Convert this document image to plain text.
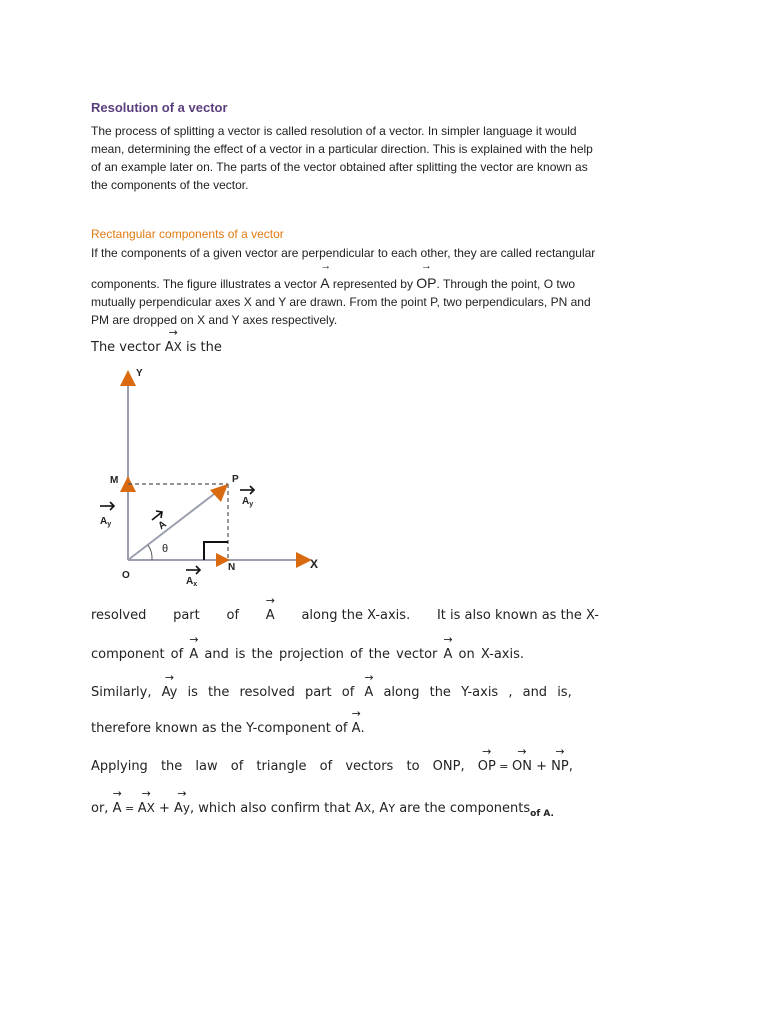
Resolution of a vector
The process of splitting a vector is called resolution of a vector. In simpler language it would
mean, determining the effect of a vector in a particular direction. This is explained with the help
of an example later on. The parts of the vector obtained after splitting the vector are known as
the components of the vector.
Rectangular components of a vector
If the components of a given vector are perpendicular to each other, they are called rectangular
components. The figure illustrates a vector
→
A represented by
→
OP. Through the point, O two
mutually perpendicular axes X and Y are drawn. From the point P, two perpendiculars, PN and
PM are dropped on X and Y axes respectively.
The vector
→
AX is the
Y
X
M	P
O
N
θ
$A_y$
$A_y$
A
$A_x$
resolved part of
→
A along the X-axis. It is also known as the X-
component of
→
A and is the projection of the vector
→
A on X-axis.
Similarly,
→
Ay is the resolved part of
→
A along the Y-axis , and is,
therefore known as the Y-component of
→
A.
Applying the law of triangle of vectors to ONP,
→
OP =
→
ON +
→
NP,
or,
→
A =
→
AX +
→
Ay, which also confirm that AX, AY are the components$_{of A.}$
